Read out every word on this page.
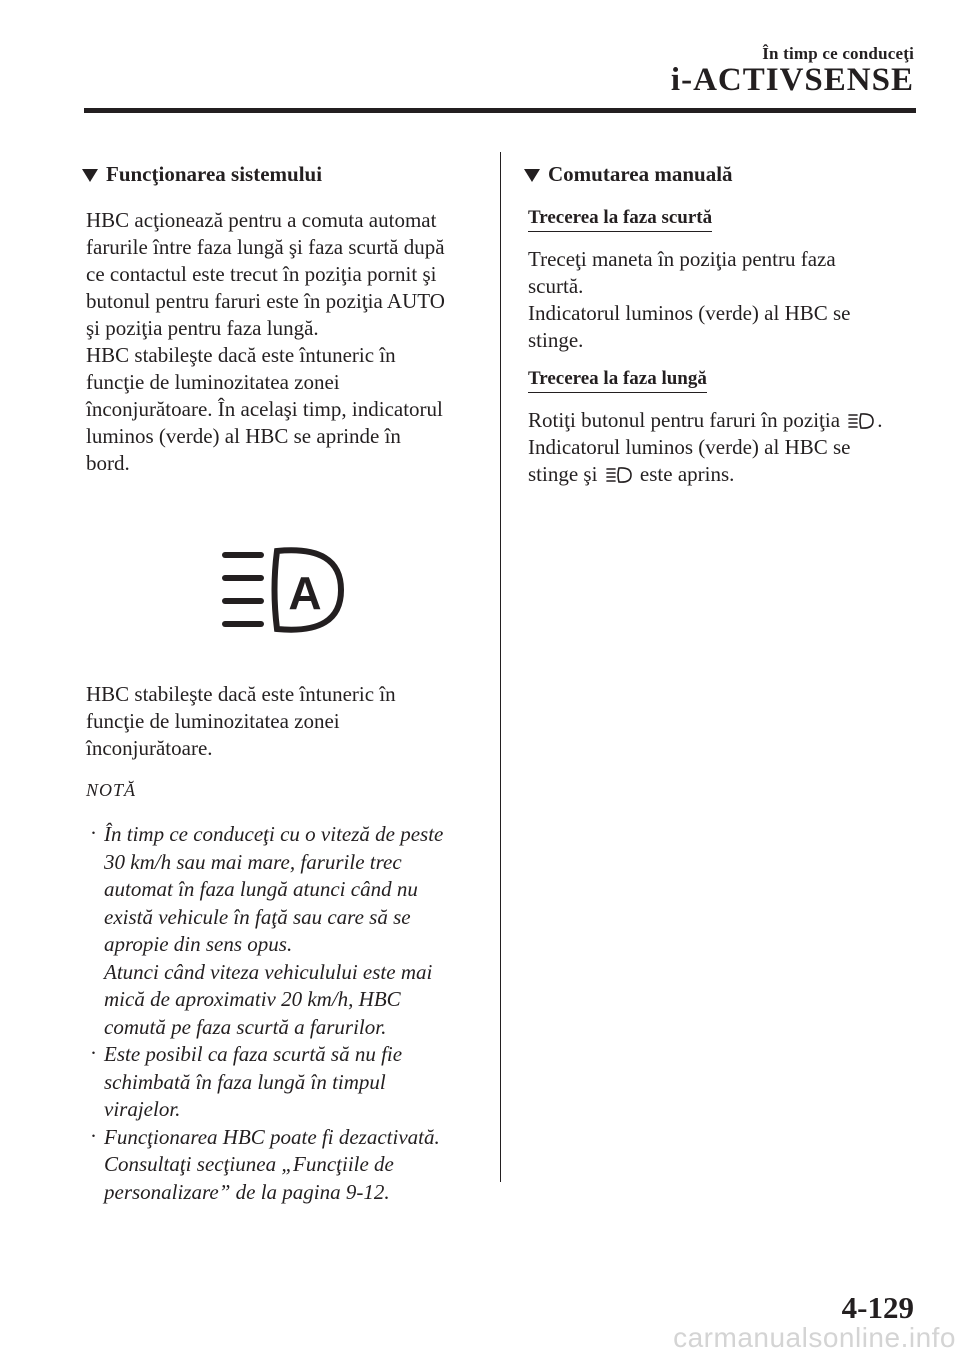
În timp ce conduceţi
i-ACTIVSENSE
Funcţionarea sistemului
HBC acţionează pentru a comuta automat
farurile între faza lungă şi faza scurtă după
ce contactul este trecut în poziţia pornit şi
butonul pentru faruri este în poziţia AUTO
şi poziţia pentru faza lungă.
HBC stabileşte dacă este întuneric în
funcţie de luminozitatea zonei
înconjurătoare. În acelaşi timp, indicatorul
luminos (verde) al HBC se aprinde în
bord.
A
HBC stabileşte dacă este întuneric în
funcţie de luminozitatea zonei
înconjurătoare.
NOTĂ
· În timp ce conduceţi cu o viteză de peste
30 km/h sau mai mare, farurile trec
automat în faza lungă atunci când nu
există vehicule în faţă sau care să se
apropie din sens opus.
Atunci când viteza vehiculului este mai
mică de aproximativ 20 km/h, HBC
comută pe faza scurtă a farurilor.
· Este posibil ca faza scurtă să nu fie
schimbată în faza lungă în timpul
virajelor.
· Funcţionarea HBC poate fi dezactivată.
Consultaţi secţiunea „Funcţiile de
personalizare” de la pagina 9-12.
Comutarea manuală
Trecerea la faza scurtă
Treceţi maneta în poziţia pentru faza
scurtă.
Indicatorul luminos (verde) al HBC se
stinge.
Trecerea la faza lungă
Rotiţi butonul pentru faruri în poziţia .
Indicatorul luminos (verde) al HBC se
stinge şi este aprins.
4-129
carmanualsonline.info
